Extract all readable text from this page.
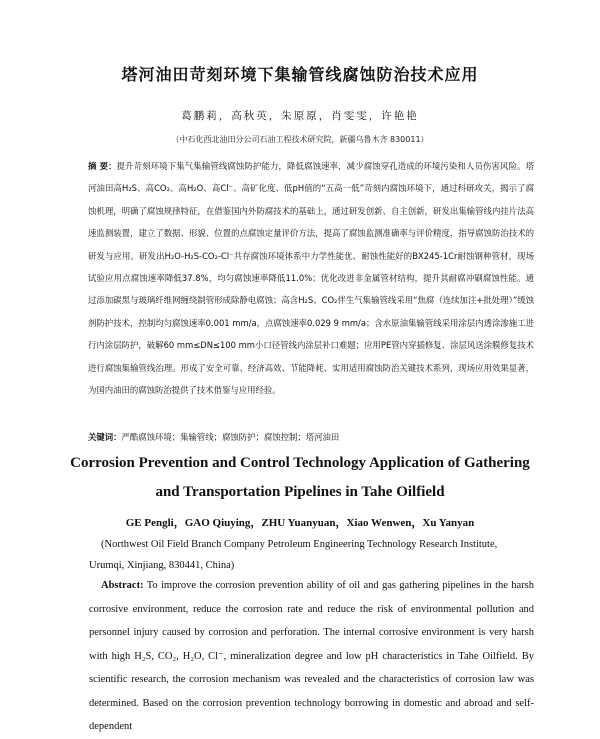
塔河油田苛刻环境下集输管线腐蚀防治技术应用
葛鹏莉，高秋英，朱原原，肖雯雯，许艳艳
（中石化西北油田分公司石油工程技术研究院，新疆乌鲁木齐 830011）
摘 要：提升苛刻环境下集气集输管线腐蚀防护能力，降低腐蚀速率，减少腐蚀穿孔造成的环境污染和人员伤害风险。塔河油田高H₂S、高CO₂、高H₂O、高Cl⁻、高矿化度、低pH值的“五高一低”苛刻内腐蚀环境下，通过科研攻关，揭示了腐蚀机理，明确了腐蚀规律特征，在借鉴国内外防腐技术的基础上，通过研发创新、自主创新，研发出集输管线内挂片法高速监测装置，建立了数据、形貌、位置的点腐蚀定量评价方法，提高了腐蚀监测准确率与评价精度，指导腐蚀防治技术的研发与应用。研发出H₂O-H₂S-CO₂-Cl⁻共存腐蚀环境体系中力学性能优、耐蚀性能好的BX245-1Cr耐蚀钢种管材，现场试验应用点腐蚀速率降低37.8%，均匀腐蚀速率降低11.0%；优化改进非金属管材结构，提升其耐腐冲刷腐蚀性能。通过添加碳黑与玻璃纤维网缠绕制管形成除静电腐蚀；高含H₂S、CO₂伴生气集输管线采用“焦腐（连续加注+批处理）”缓蚀剂防护技术，控制均匀腐蚀速率0.001 mm/a，点腐蚀速率0.029 9 mm/a；含水原油集输管线采用涂层内透涂渗施工进行内涂层防护，破解60 mm≤DN≤100 mm小口径管线内涂层补口难题；应用PE管内穿插修复、涂层风送涂膜修复技术进行腐蚀集输管线治理。形成了安全可靠、经济高效、节能降耗、实用适用腐蚀防治关键技术系列，现场应用效果显著，为国内油田的腐蚀防治提供了技术借鉴与应用经验。
关键词：严酷腐蚀环境；集输管线；腐蚀防护；腐蚀控制；塔河油田
Corrosion Prevention and Control Technology Application of Gathering
and Transportation Pipelines in Tahe Oilfield
GE Pengli，GAO Qiuying，ZHU Yuanyuan，Xiao Wenwen，Xu Yanyan
(Northwest Oil Field Branch Company Petroleum Engineering Technology Research Institute, Urumqi, Xinjiang, 830441, China)
Abstract: To improve the corrosion prevention ability of oil and gas gathering pipelines in the harsh corrosive environment, reduce the corrosion rate and reduce the risk of environmental pollution and personnel injury caused by corrosion and perforation. The internal corrosive environment is very harsh with high H₂S, CO₂, H₂O, Cl⁻, mineralization degree and low pH characteristics in Tahe Oilfield. By scientific research, the corrosion mechanism was revealed and the characteristics of corrosion law was determined. Based on the corrosion prevention technology borrowing in domestic and abroad and self-dependent
